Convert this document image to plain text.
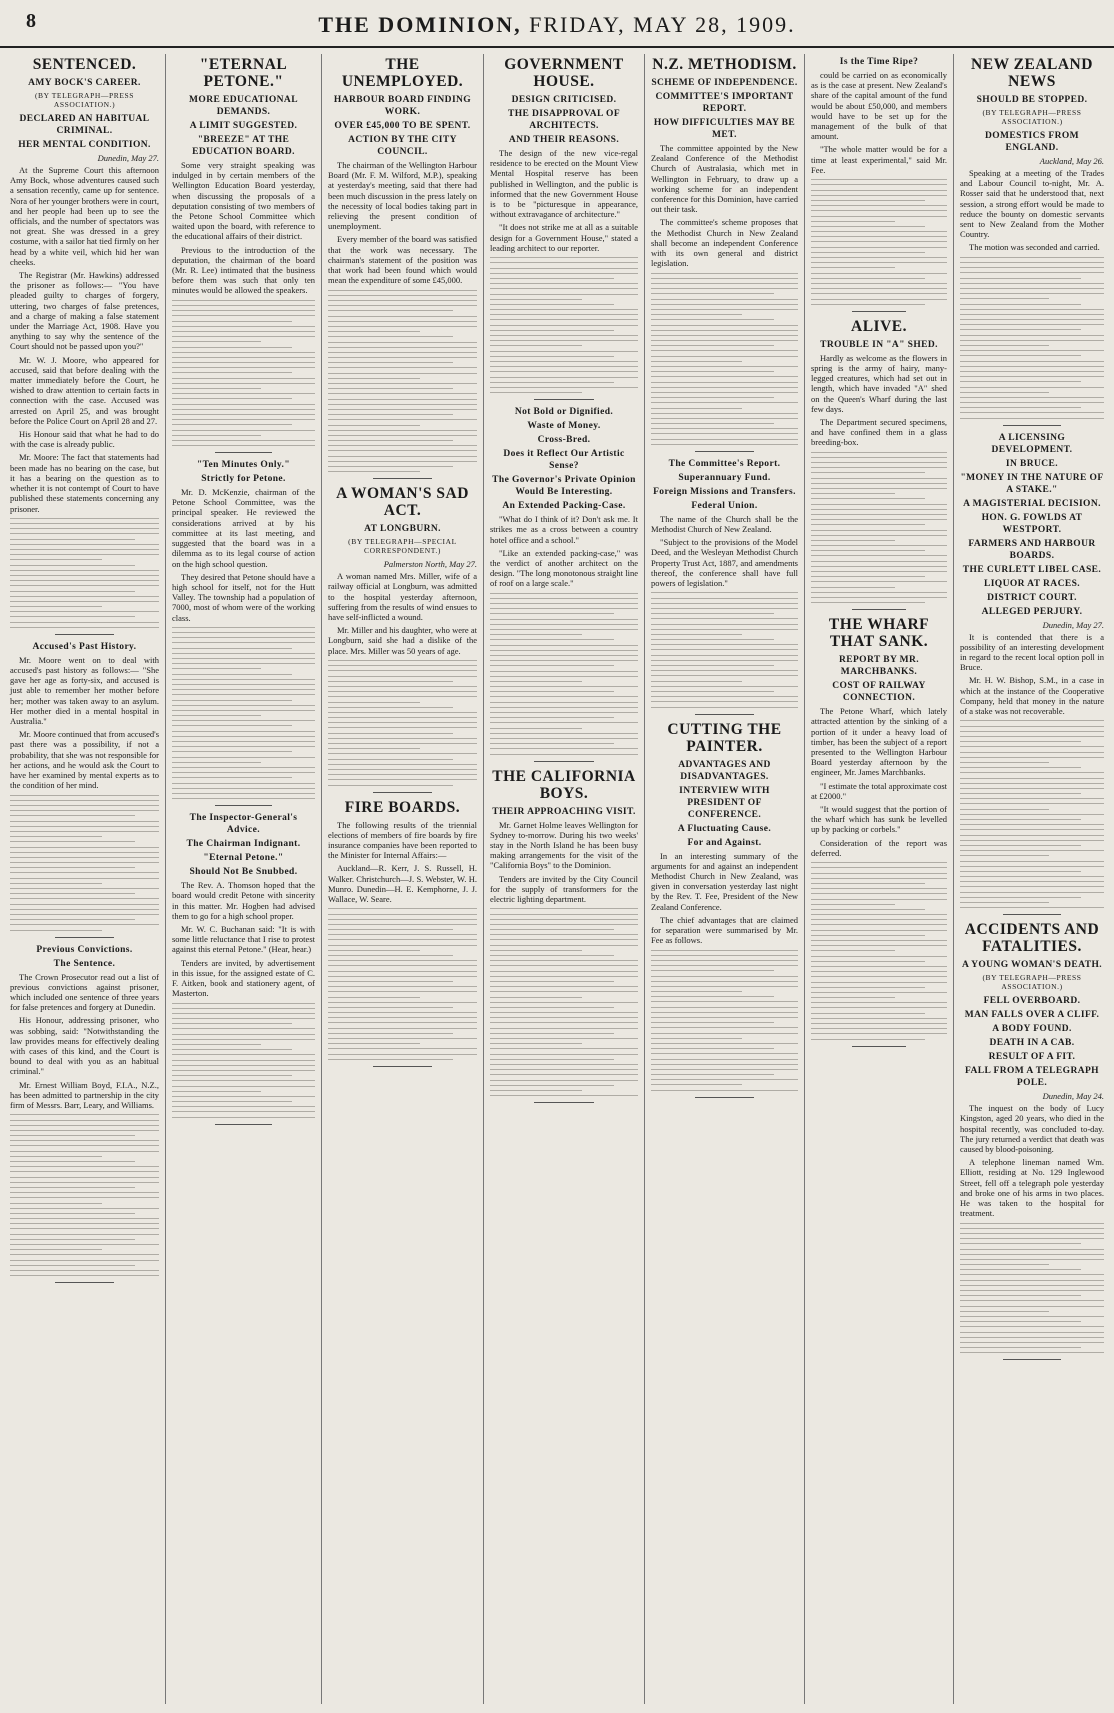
8	THE DOMINION, FRIDAY, MAY 28, 1909.
SENTENCED.
AMY BOCK'S CAREER.
(BY TELEGRAPH—PRESS ASSOCIATION.)
DECLARED AN HABITUAL CRIMINAL.
HER MENTAL CONDITION.
Dunedin, May 27.
At the Supreme Court this afternoon Amy Bock, whose adventures caused such a sensation recently, came up for sentence. Nora of her younger brothers were in court, and her people had been up to see the officials, and the number of spectators was not great. She was dressed in a grey costume, with a sailor hat tied firmly on her head by a white veil, which hid her wan cheeks.
The Registrar (Mr. Hawkins) addressed the prisoner as follows:— "You have pleaded guilty to charges of forgery, uttering, two charges of false pretences, and a charge of making a false statement under the Marriage Act, 1908. Have you anything to say why the sentence of the Court should not be passed upon you?"
Mr. W. J. Moore, who appeared for accused, said that before dealing with the matter immediately before the Court, he wished to draw attention to certain facts in connection with the case. Accused was arrested on April 25, and was brought before the Police Court on April 28 and 27.
His Honour said that what he had to do with the case is already public.
Mr. Moore: The fact that statements had been made has no bearing on the case, but it has a bearing on the question as to whether it is not contempt of Court to have published these statements concerning any prisoner.
Accused's Past History.
Mr. Moore went on to deal with accused's past history as follows:— "She gave her age as forty-six, and accused is just able to remember her mother before her; mother was taken away to an asylum. Her mother died in a mental hospital in Australia."
Mr. Moore continued that from accused's past there was a possibility, if not a probability, that she was not responsible for her actions, and he would ask the Court to have her examined by mental experts as to the condition of her mind.
Previous Convictions.
The Sentence.
The Crown Prosecutor read out a list of previous convictions against prisoner, which included one sentence of three years for false pretences and forgery at Dunedin.
His Honour, addressing prisoner, who was sobbing, said: "Notwithstanding the law provides means for effectively dealing with cases of this kind, and the Court is bound to deal with you as an habitual criminal."
Mr. Ernest William Boyd, F.I.A., N.Z., has been admitted to partnership in the city firm of Messrs. Barr, Leary, and Williams.
"ETERNAL PETONE."
MORE EDUCATIONAL DEMANDS.
A LIMIT SUGGESTED.
"BREEZE" AT THE EDUCATION BOARD.
Some very straight speaking was indulged in by certain members of the Wellington Education Board yesterday, when discussing the proposals of a deputation consisting of two members of the Petone School Committee which waited upon the board, with reference to the educational affairs of their district.
Previous to the introduction of the deputation, the chairman of the board (Mr. R. Lee) intimated that the business before them was such that only ten minutes would be allowed the speakers.
"Ten Minutes Only."
Strictly for Petone.
Mr. D. McKenzie, chairman of the Petone School Committee, was the principal speaker. He reviewed the considerations arrived at by his committee at its last meeting, and suggested that the board was in a dilemma as to its legal course of action on the high school question.
They desired that Petone should have a high school for itself, not for the Hutt Valley. The township had a population of 7000, most of whom were of the working class.
The Inspector-General's Advice.
The Chairman Indignant.
"Eternal Petone."
Should Not Be Snubbed.
The Rev. A. Thomson hoped that the board would credit Petone with sincerity in this matter. Mr. Hogben had advised them to go for a high school proper.
Mr. W. C. Buchanan said: "It is with some little reluctance that I rise to protest against this eternal Petone." (Hear, hear.)
Tenders are invited, by advertisement in this issue, for the assigned estate of C. F. Aitken, book and stationery agent, of Masterton.
THE UNEMPLOYED.
HARBOUR BOARD FINDING WORK.
OVER £45,000 TO BE SPENT.
ACTION BY THE CITY COUNCIL.
The chairman of the Wellington Harbour Board (Mr. F. M. Wilford, M.P.), speaking at yesterday's meeting, said that there had been much discussion in the press lately on the necessity of local bodies taking part in relieving the present condition of unemployment.
Every member of the board was satisfied that the work was necessary. The chairman's statement of the position was that work had been found which would mean the expenditure of some £45,000.
A WOMAN'S SAD ACT.
AT LONGBURN.
(BY TELEGRAPH—SPECIAL CORRESPONDENT.)
Palmerston North, May 27.
A woman named Mrs. Miller, wife of a railway official at Longburn, was admitted to the hospital yesterday afternoon, suffering from the results of wind ensues to have self-inflicted a wound.
Mr. Miller and his daughter, who were at Longburn, said she had a dislike of the place. Mrs. Miller was 50 years of age.
FIRE BOARDS.
The following results of the triennial elections of members of fire boards by fire insurance companies have been reported to the Minister for Internal Affairs:—
Auckland—R. Kerr, J. S. Russell, H. Walker. Christchurch—J. S. Webster, W. H. Munro. Dunedin—H. E. Kemphorne, J. J. Wallace, W. Seare.
GOVERNMENT HOUSE.
DESIGN CRITICISED.
THE DISAPPROVAL OF ARCHITECTS.
AND THEIR REASONS.
The design of the new vice-regal residence to be erected on the Mount View Mental Hospital reserve has been published in Wellington, and the public is informed that the new Government House is to be "picturesque in appearance, without extravagance of architecture."
"It does not strike me at all as a suitable design for a Government House," stated a leading architect to our reporter.
Not Bold or Dignified.
Waste of Money.
Cross-Bred.
Does it Reflect Our Artistic Sense?
The Governor's Private Opinion Would Be Interesting.
An Extended Packing-Case.
"What do I think of it? Don't ask me. It strikes me as a cross between a country hotel office and a school."
"Like an extended packing-case," was the verdict of another architect on the design. "The long monotonous straight line of roof on a large scale."
THE CALIFORNIA BOYS.
THEIR APPROACHING VISIT.
Mr. Garnet Holme leaves Wellington for Sydney to-morrow. During his two weeks' stay in the North Island he has been busy making arrangements for the visit of the "California Boys" to the Dominion.
Tenders are invited by the City Council for the supply of transformers for the electric lighting department.
N.Z. METHODISM.
SCHEME OF INDEPENDENCE.
COMMITTEE'S IMPORTANT REPORT.
HOW DIFFICULTIES MAY BE MET.
The committee appointed by the New Zealand Conference of the Methodist Church of Australasia, which met in Wellington in February, to draw up a working scheme for an independent conference for this Dominion, have carried out their task.
The committee's scheme proposes that the Methodist Church in New Zealand shall become an independent Conference with its own general and district legislation.
The Committee's Report.
Superannuary Fund.
Foreign Missions and Transfers.
Federal Union.
The name of the Church shall be the Methodist Church of New Zealand.
"Subject to the provisions of the Model Deed, and the Wesleyan Methodist Church Property Trust Act, 1887, and amendments thereof, the conference shall have full powers of legislation."
CUTTING THE PAINTER.
ADVANTAGES AND DISADVANTAGES.
INTERVIEW WITH PRESIDENT OF CONFERENCE.
A Fluctuating Cause.
For and Against.
In an interesting summary of the arguments for and against an independent Methodist Church in New Zealand, was given in conversation yesterday last night by the Rev. T. Fee, President of the New Zealand Conference.
The chief advantages that are claimed for separation were summarised by Mr. Fee as follows.
Is the Time Ripe?
could be carried on as economically as is the case at present. New Zealand's share of the capital amount of the fund would be about £50,000, and members would have to be set up for the management of the bulk of that amount.
"The whole matter would be for a time at least experimental," said Mr. Fee.
ALIVE.
TROUBLE IN "A" SHED.
Hardly as welcome as the flowers in spring is the army of hairy, many-legged creatures, which had set out in length, which have invaded "A" shed on the Queen's Wharf during the last few days.
The Department secured specimens, and have confined them in a glass breeding-box.
THE WHARF THAT SANK.
REPORT BY MR. MARCHBANKS.
COST OF RAILWAY CONNECTION.
The Petone Wharf, which lately attracted attention by the sinking of a portion of it under a heavy load of timber, has been the subject of a report presented to the Wellington Harbour Board yesterday afternoon by the engineer, Mr. James Marchbanks.
"I estimate the total approximate cost at £2000."
"It would suggest that the portion of the wharf which has sunk be levelled up by packing or corbels."
Consideration of the report was deferred.
NEW ZEALAND NEWS
SHOULD BE STOPPED.
(BY TELEGRAPH—PRESS ASSOCIATION.)
DOMESTICS FROM ENGLAND.
Auckland, May 26.
Speaking at a meeting of the Trades and Labour Council to-night, Mr. A. Rosser said that he understood that, next session, a strong effort would be made to reduce the bounty on domestic servants sent to New Zealand from the Mother Country.
The motion was seconded and carried.
A LICENSING DEVELOPMENT.
IN BRUCE.
"MONEY IN THE NATURE OF A STAKE."
A MAGISTERIAL DECISION.
HON. G. FOWLDS AT WESTPORT.
FARMERS AND HARBOUR BOARDS.
THE CURLETT LIBEL CASE.
LIQUOR AT RACES.
DISTRICT COURT.
ALLEGED PERJURY.
Dunedin, May 27.
It is contended that there is a possibility of an interesting development in regard to the recent local option poll in Bruce.
Mr. H. W. Bishop, S.M., in a case in which at the instance of the Cooperative Company, held that money in the nature of a stake was not recoverable.
ACCIDENTS AND FATALITIES.
A YOUNG WOMAN'S DEATH.
(BY TELEGRAPH—PRESS ASSOCIATION.)
FELL OVERBOARD.
MAN FALLS OVER A CLIFF.
A BODY FOUND.
DEATH IN A CAB.
RESULT OF A FIT.
FALL FROM A TELEGRAPH POLE.
Dunedin, May 24.
The inquest on the body of Lucy Kingston, aged 20 years, who died in the hospital recently, was concluded to-day. The jury returned a verdict that death was caused by blood-poisoning.
A telephone lineman named Wm. Elliott, residing at No. 129 Inglewood Street, fell off a telegraph pole yesterday and broke one of his arms in two places. He was taken to the hospital for treatment.
